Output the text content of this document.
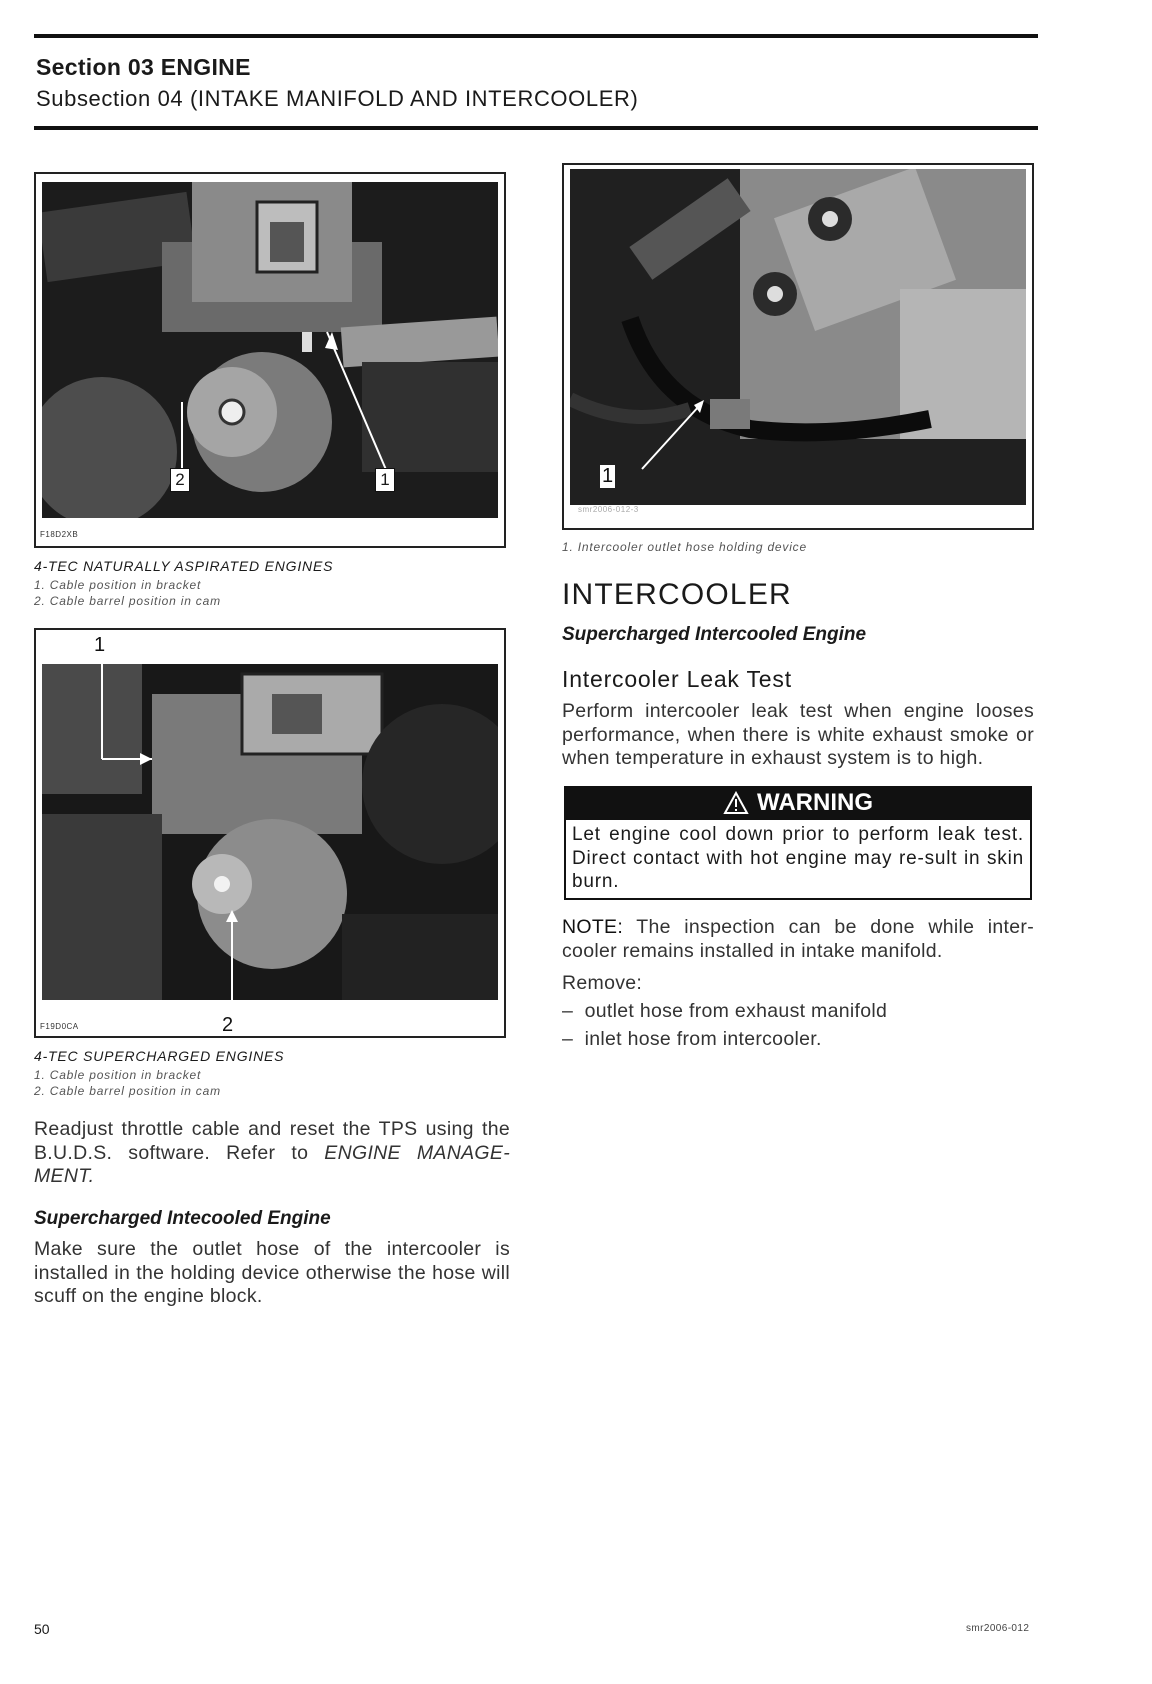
Section 03 ENGINE
Subsection 04 (INTAKE MANIFOLD AND INTERCOOLER)
2	1
F18D2XB
4-TEC NATURALLY ASPIRATED ENGINES
1. Cable position in bracket
2. Cable barrel position in cam
1
2
F19D0CA
4-TEC SUPERCHARGED ENGINES
1. Cable position in bracket
2. Cable barrel position in cam

Readjust throttle cable and reset the TPS using the B.U.D.S. software. Refer to ENGINE MANAGE-MENT.

Supercharged Intecooled Engine

Make sure the outlet hose of the intercooler is installed in the holding device otherwise the hose will scuff on the engine block.

1
smr2006-012-3
1. Intercooler outlet hose holding device
INTERCOOLER
Supercharged Intercooled Engine
Intercooler Leak Test

Perform intercooler leak test when engine looses performance, when there is white exhaust smoke or when temperature in exhaust system is to high.

WARNING
Let engine cool down prior to perform leak test. Direct contact with hot engine may re-sult in skin burn.

NOTE: The inspection can be done while inter-cooler remains installed in intake manifold.

Remove:
–  outlet hose from exhaust manifold
–  inlet hose from intercooler.
50	smr2006-012
